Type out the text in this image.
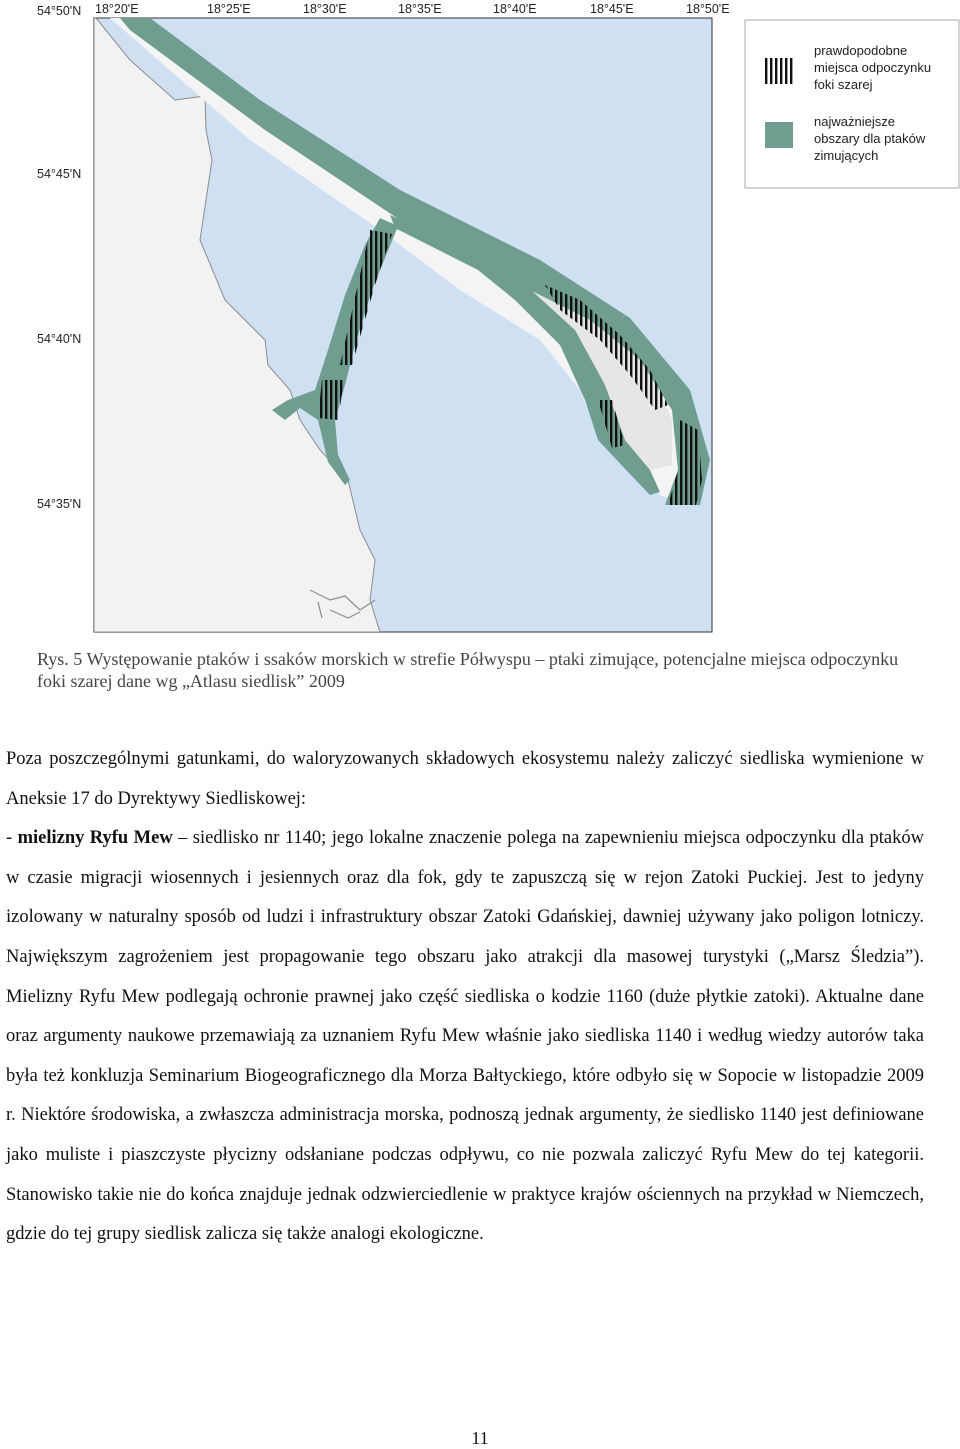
54°50'N 18°20'E	18°25'E	18°30'E	18°35'E	18°40'E	18°45'E	18°50'E
54°45'N
54°40'N
54°35'N
prawdopodobne
miejsca odpoczynku
foki szarej
najważniejsze
obszary dla ptaków
zimujących
Rys. 5 Występowanie ptaków i ssaków morskich w strefie Półwyspu – ptaki zimujące, potencjalne miejsca odpoczynku foki szarej dane wg „Atlasu siedlisk” 2009

Poza poszczególnymi gatunkami, do waloryzowanych składowych ekosystemu należy zaliczyć siedliska wymienione w Aneksie 17 do Dyrektywy Siedliskowej:

- mielizny Ryfu Mew – siedlisko nr 1140; jego lokalne znaczenie polega na zapewnieniu miejsca odpoczynku dla ptaków w czasie migracji wiosennych i jesiennych oraz dla fok, gdy te zapuszczą się w rejon Zatoki Puckiej. Jest to jedyny izolowany w naturalny sposób od ludzi i infrastruktury obszar Zatoki Gdańskiej, dawniej używany jako poligon lotniczy. Największym zagrożeniem jest propagowanie tego obszaru jako atrakcji dla masowej turystyki („Marsz Śledzia”). Mielizny Ryfu Mew podlegają ochronie prawnej jako część siedliska o kodzie 1160 (duże płytkie zatoki). Aktualne dane oraz argumenty naukowe przemawiają za uznaniem Ryfu Mew właśnie jako siedliska 1140 i według wiedzy autorów taka była też konkluzja Seminarium Biogeograficznego dla Morza Bałtyckiego, które odbyło się w Sopocie w listopadzie 2009 r. Niektóre środowiska, a zwłaszcza administracja morska, podnoszą jednak argumenty, że siedlisko 1140 jest definiowane jako muliste i piaszczyste płycizny odsłaniane podczas odpływu, co nie pozwala zaliczyć Ryfu Mew do tej kategorii. Stanowisko takie nie do końca znajduje jednak odzwierciedlenie w praktyce krajów ościennych na przykład w Niemczech, gdzie do tej grupy siedlisk zalicza się także analogi ekologiczne.

11
